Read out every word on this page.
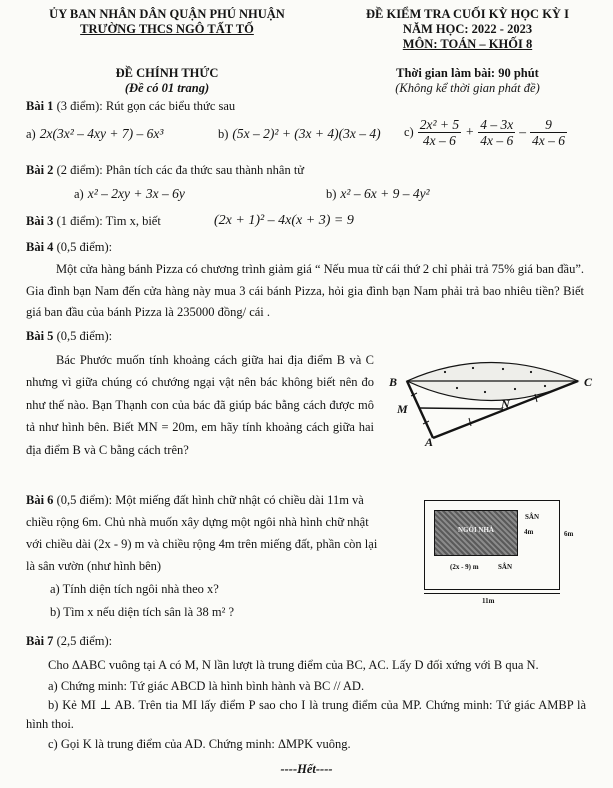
ỦY BAN NHÂN DÂN QUẬN PHÚ NHUẬN
TRƯỜNG THCS NGÔ TẤT TỐ
ĐỀ CHÍNH THỨC
(Đề có 01 trang)
ĐỀ KIỂM TRA CUỐI KỲ HỌC KỲ I
NĂM HỌC: 2022 - 2023
MÔN: TOÁN – KHỐI 8
Thời gian làm bài: 90 phút
(Không kể thời gian phát đề)
Bài 1 (3 điểm): Rút gọn các biểu thức sau
a) 2x(3x² – 4xy + 7) – 6x³	b) (5x – 2)² + (3x + 4)(3x – 4) $c) \frac{\text{2x² + 5}}{4x - 6} + \frac{4 - 3x}{4x - 6} - \frac{9}{4x - 6}$
Bài 2 (2 điểm): Phân tích các đa thức sau thành nhân tử
a) x² – 2xy + 3x – 6y	b) x² – 6x + 9 – 4y²
Bài 3 (1 điểm): Tìm x, biết	(2x + 1)² – 4x(x + 3) = 9
Bài 4 (0,5 điểm):
Một cửa hàng bánh Pizza có chương trình giảm giá “ Nếu mua từ cái thứ 2 chỉ phải trả 75% giá ban đầu”. Gia đình bạn Nam đến cửa hàng này mua 3 cái bánh Pizza, hỏi gia đình bạn Nam phải trả bao nhiêu tiền? Biết giá ban đầu của bánh Pizza là 235000 đồng/ cái .
Bài 5 (0,5 điểm):
Bác Phước muốn tính khoảng cách giữa hai địa điểm B và C nhưng vì giữa chúng có chướng ngại vật nên bác không biết nên đo như thế nào. Bạn Thạnh con của bác đã giúp bác bằng cách được mô tả như hình bên. Biết MN = 20m, em hãy tính khoảng cách giữa hai địa điểm B và C bằng cách trên?
B	C
M	N
A
Bài 6 (0,5 điểm): Một miếng đất hình chữ nhật có chiều dài 11m và
chiều rộng 6m. Chủ nhà muốn xây dựng một ngôi nhà hình chữ nhật
với chiều dài (2x - 9) m và chiều rộng 4m trên miếng đất, phần còn lại
là sân vườn (như hình bên)
a) Tính diện tích ngôi nhà theo x?
b) Tìm x nếu diện tích sân là 38 m² ?
NGÔI NHÀ
SÂN
4m	6m
(2x - 9) m	SÂN
11m
Bài 7 (2,5 điểm):
Cho ΔABC vuông tại A có M, N lần lượt là trung điểm của BC, AC. Lấy D đối xứng với B qua N.
a) Chứng minh: Tứ giác ABCD là hình bình hành và BC // AD.
b) Kẻ MI ⊥ AB. Trên tia MI lấy điểm P sao cho I là trung điểm của MP. Chứng minh: Tứ giác AMBP là hình thoi.
c) Gọi K là trung điểm của AD. Chứng minh: ΔMPK vuông.
----Hết----
